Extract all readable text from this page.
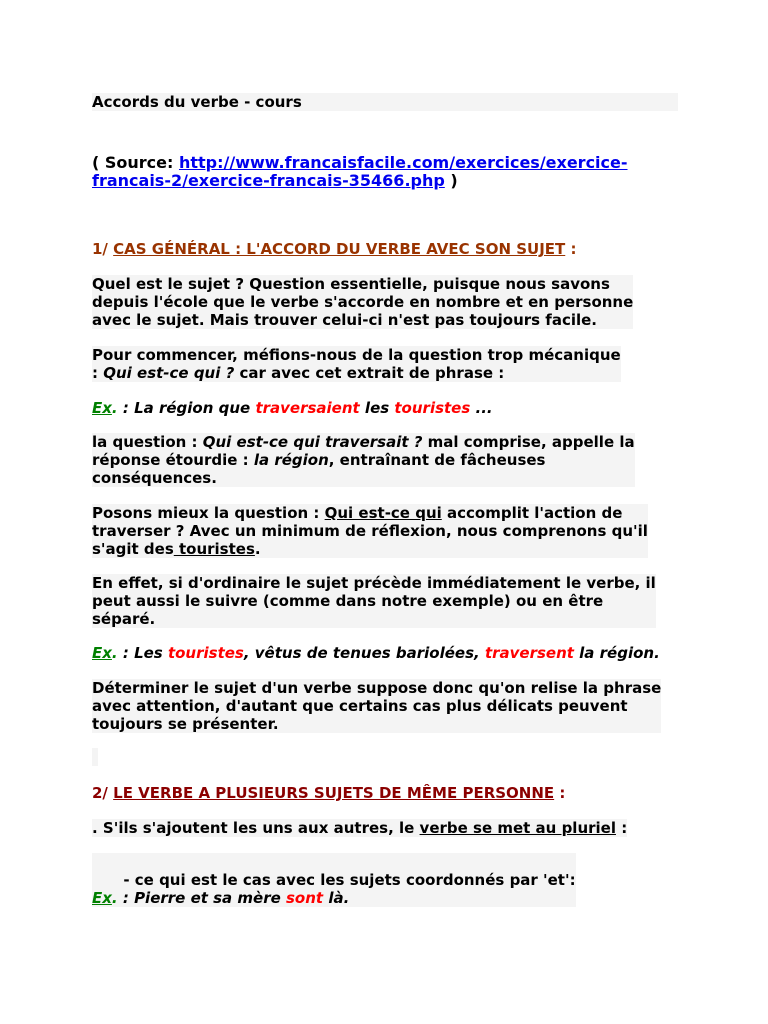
Accords du verbe - cours
( Source: http://www.francaisfacile.com/exercices/exercice-
francais-2/exercice-francais-35466.php )
1/ CAS GÉNÉRAL : L'ACCORD DU VERBE AVEC SON SUJET :
Quel est le sujet ? Question essentielle, puisque nous savons
depuis l'école que le verbe s'accorde en nombre et en personne
avec le sujet. Mais trouver celui-ci n'est pas toujours facile.
Pour commencer, méfions-nous de la question trop mécanique
: Qui est-ce qui ? car avec cet extrait de phrase :
Ex. : La région que traversaient les touristes ...
la question : Qui est-ce qui traversait ? mal comprise, appelle la
réponse étourdie : la région, entraînant de fâcheuses
conséquences.
Posons mieux la question : Qui est-ce qui accomplit l'action de
traverser ? Avec un minimum de réflexion, nous comprenons qu'il
s'agit des touristes.
En effet, si d'ordinaire le sujet précède immédiatement le verbe, il
peut aussi le suivre (comme dans notre exemple) ou en être
séparé.
Ex. : Les touristes, vêtus de tenues bariolées, traversent la région.
Déterminer le sujet d'un verbe suppose donc qu'on relise la phrase
avec attention, d'autant que certains cas plus délicats peuvent
toujours se présenter.
2/ LE VERBE A PLUSIEURS SUJETS DE MÊME PERSONNE :
. S'ils s'ajoutent les uns aux autres, le verbe se met au pluriel :

- ce qui est le cas avec les sujets coordonnés par 'et':

Ex. : Pierre et sa mère sont là.
